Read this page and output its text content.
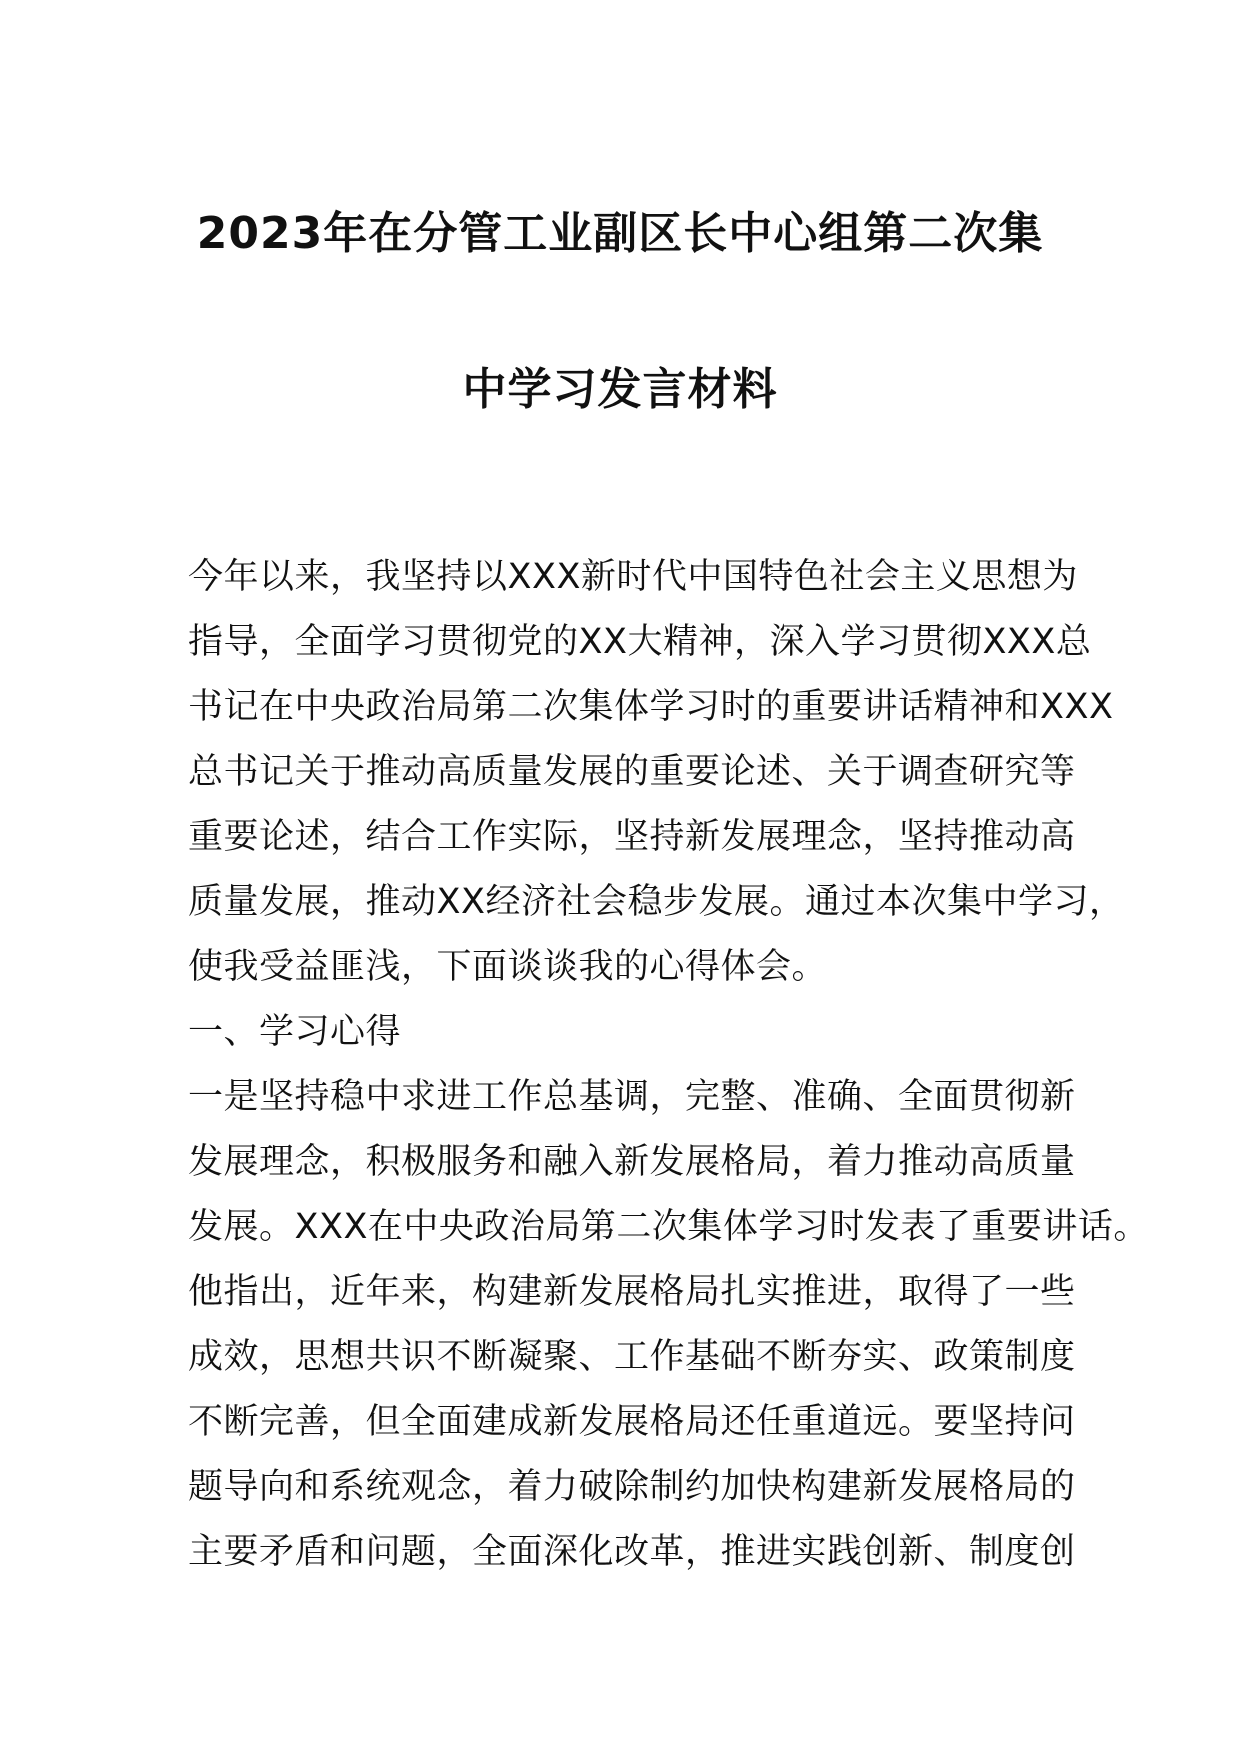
2023年在分管工业副区长中心组第二次集
中学习发言材料
今年以来，我坚持以XXX新时代中国特色社会主义思想为
指导，全面学习贯彻党的XX大精神，深入学习贯彻XXX总
书记在中央政治局第二次集体学习时的重要讲话精神和XXX
总书记关于推动高质量发展的重要论述、关于调查研究等
重要论述，结合工作实际，坚持新发展理念，坚持推动高
质量发展，推动XX经济社会稳步发展。通过本次集中学习，
使我受益匪浅，下面谈谈我的心得体会。
一、学习心得
一是坚持稳中求进工作总基调，完整、准确、全面贯彻新
发展理念，积极服务和融入新发展格局，着力推动高质量
发展。XXX在中央政治局第二次集体学习时发表了重要讲话。
他指出，近年来，构建新发展格局扎实推进，取得了一些
成效，思想共识不断凝聚、工作基础不断夯实、政策制度
不断完善，但全面建成新发展格局还任重道远。要坚持问
题导向和系统观念，着力破除制约加快构建新发展格局的
主要矛盾和问题，全面深化改革，推进实践创新、制度创
